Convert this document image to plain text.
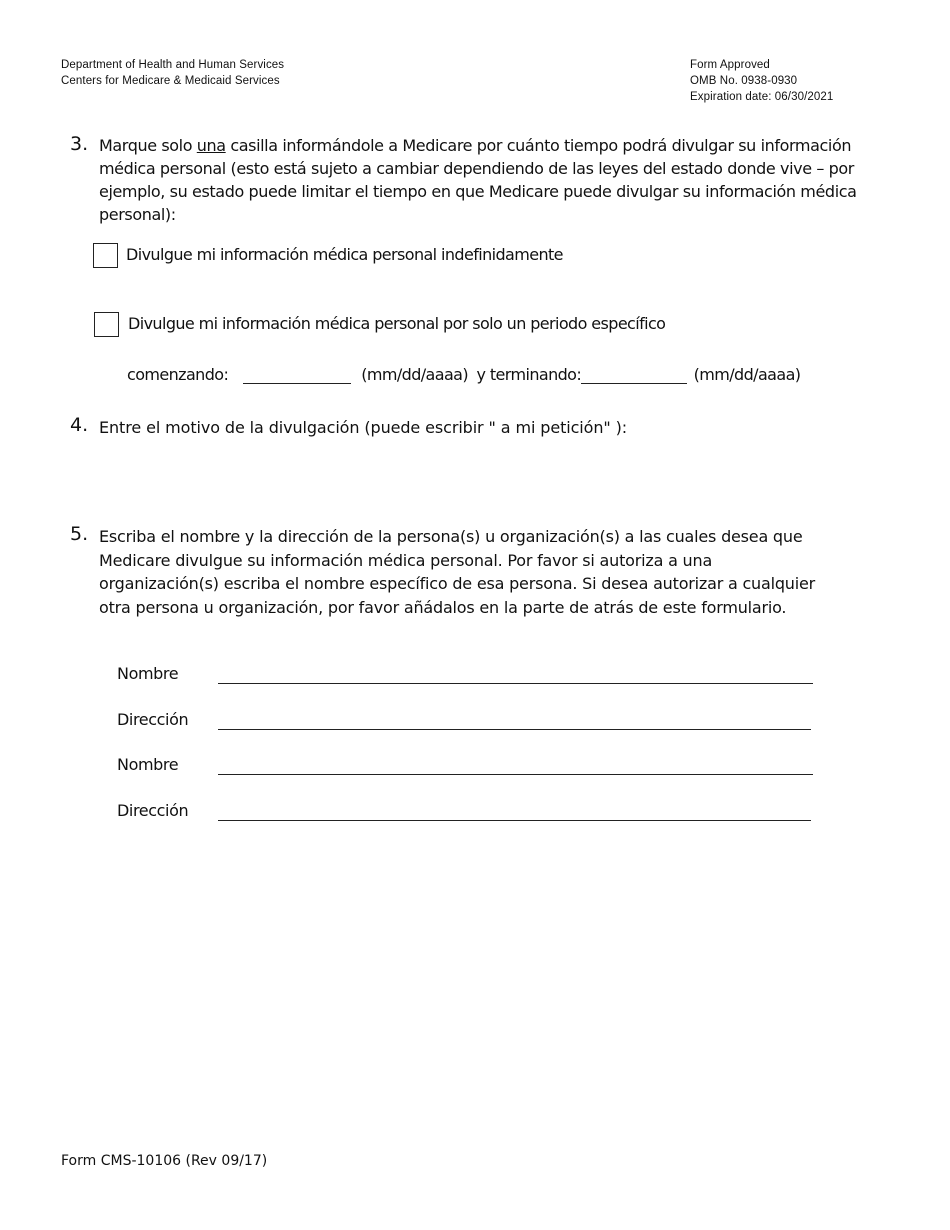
Department of Health and Human Services
Centers for Medicare & Medicaid Services
Form Approved
OMB No. 0938-0930
Expiration date: 06/30/2021
3. Marque solo una casilla informándole a Medicare por cuánto tiempo podrá divulgar su información médica personal (esto está sujeto a cambiar dependiendo de las leyes del estado donde vive – por ejemplo, su estado puede limitar el tiempo en que Medicare puede divulgar su información médica personal):
Divulgue mi información médica personal indefinidamente
Divulgue mi información médica personal por solo un periodo específico
comenzando:	(mm/dd/aaaa) y terminando:	(mm/dd/aaaa)
4. Entre el motivo de la divulgación (puede escribir " a mi petición" ):
5. Escriba el nombre y la dirección de la persona(s) u organización(s) a las cuales desea que Medicare divulgue su información médica personal. Por favor si autoriza a una organización(s) escriba el nombre específico de esa persona. Si desea autorizar a cualquier otra persona u organización, por favor añádalos en la parte de atrás de este formulario.
Nombre
Dirección
Nombre
Dirección
Form CMS-10106 (Rev 09/17)
